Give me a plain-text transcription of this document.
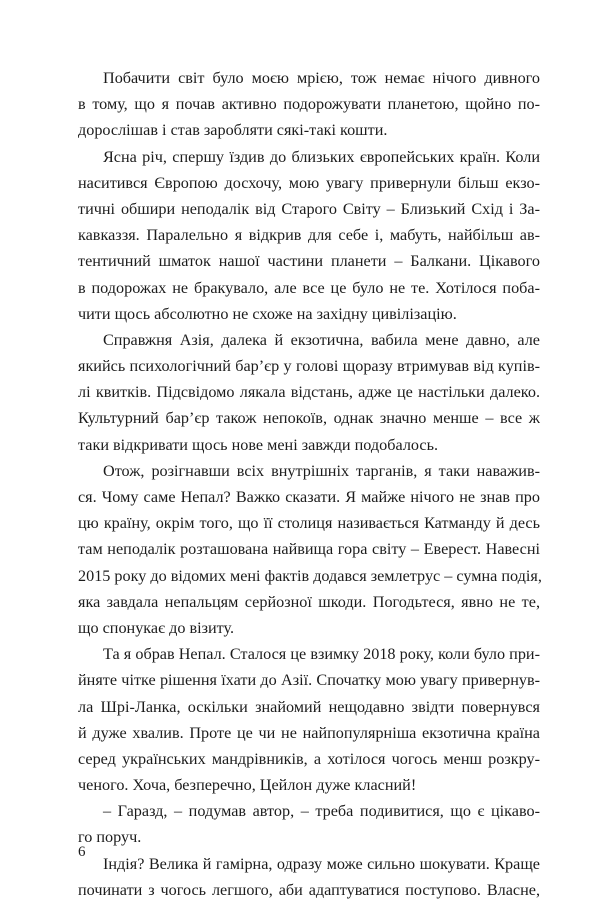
Побачити світ було моєю мрією, тож немає нічого дивного
в тому, що я почав активно подорожувати планетою, щойно по-
дорослішав і став заробляти сякі-такі кошти.
Ясна річ, спершу їздив до близьких європейських країн. Коли
наситився Європою досхочу, мою увагу привернули більш екзо-
тичні обшири неподалік від Старого Світу – Близький Схід і За-
кавказзя. Паралельно я відкрив для себе і, мабуть, найбільш ав-
тентичний шматок нашої частини планети – Балкани. Цікавого
в подорожах не бракувало, але все це було не те. Хотілося поба-
чити щось абсолютно не схоже на західну цивілізацію.
Справжня Азія, далека й екзотична, вабила мене давно, але
якийсь психологічний бар’єр у голові щоразу втримував від купів-
лі квитків. Підсвідомо лякала відстань, адже це настільки далеко.
Культурний бар’єр також непокоїв, однак значно менше – все ж
таки відкривати щось нове мені завжди подобалось.
Отож, розігнавши всіх внутрішніх тарганів, я таки наважив-
ся. Чому саме Непал? Важко сказати. Я майже нічого не знав про
цю країну, окрім того, що її столиця називається Катманду й десь
там неподалік розташована найвища гора світу – Еверест. Навесні
2015 року до відомих мені фактів додався землетрус – сумна подія,
яка завдала непальцям серйозної шкоди. Погодьтеся, явно не те,
що спонукає до візиту.
Та я обрав Непал. Сталося це взимку 2018 року, коли було при-
йняте чітке рішення їхати до Азії. Спочатку мою увагу привернув-
ла Шрі-Ланка, оскільки знайомий нещодавно звідти повернувся
й дуже хвалив. Проте це чи не найпопулярніша екзотична країна
серед українських мандрівників, а хотілося чогось менш розкру-
ченого. Хоча, безперечно, Цейлон дуже класний!
– Гаразд, – подумав автор, – треба подивитися, що є цікаво-
го поруч.
Індія? Велика й гамірна, одразу може сильно шокувати. Краще
починати з чогось легшого, аби адаптуватися поступово. Власне,
6
